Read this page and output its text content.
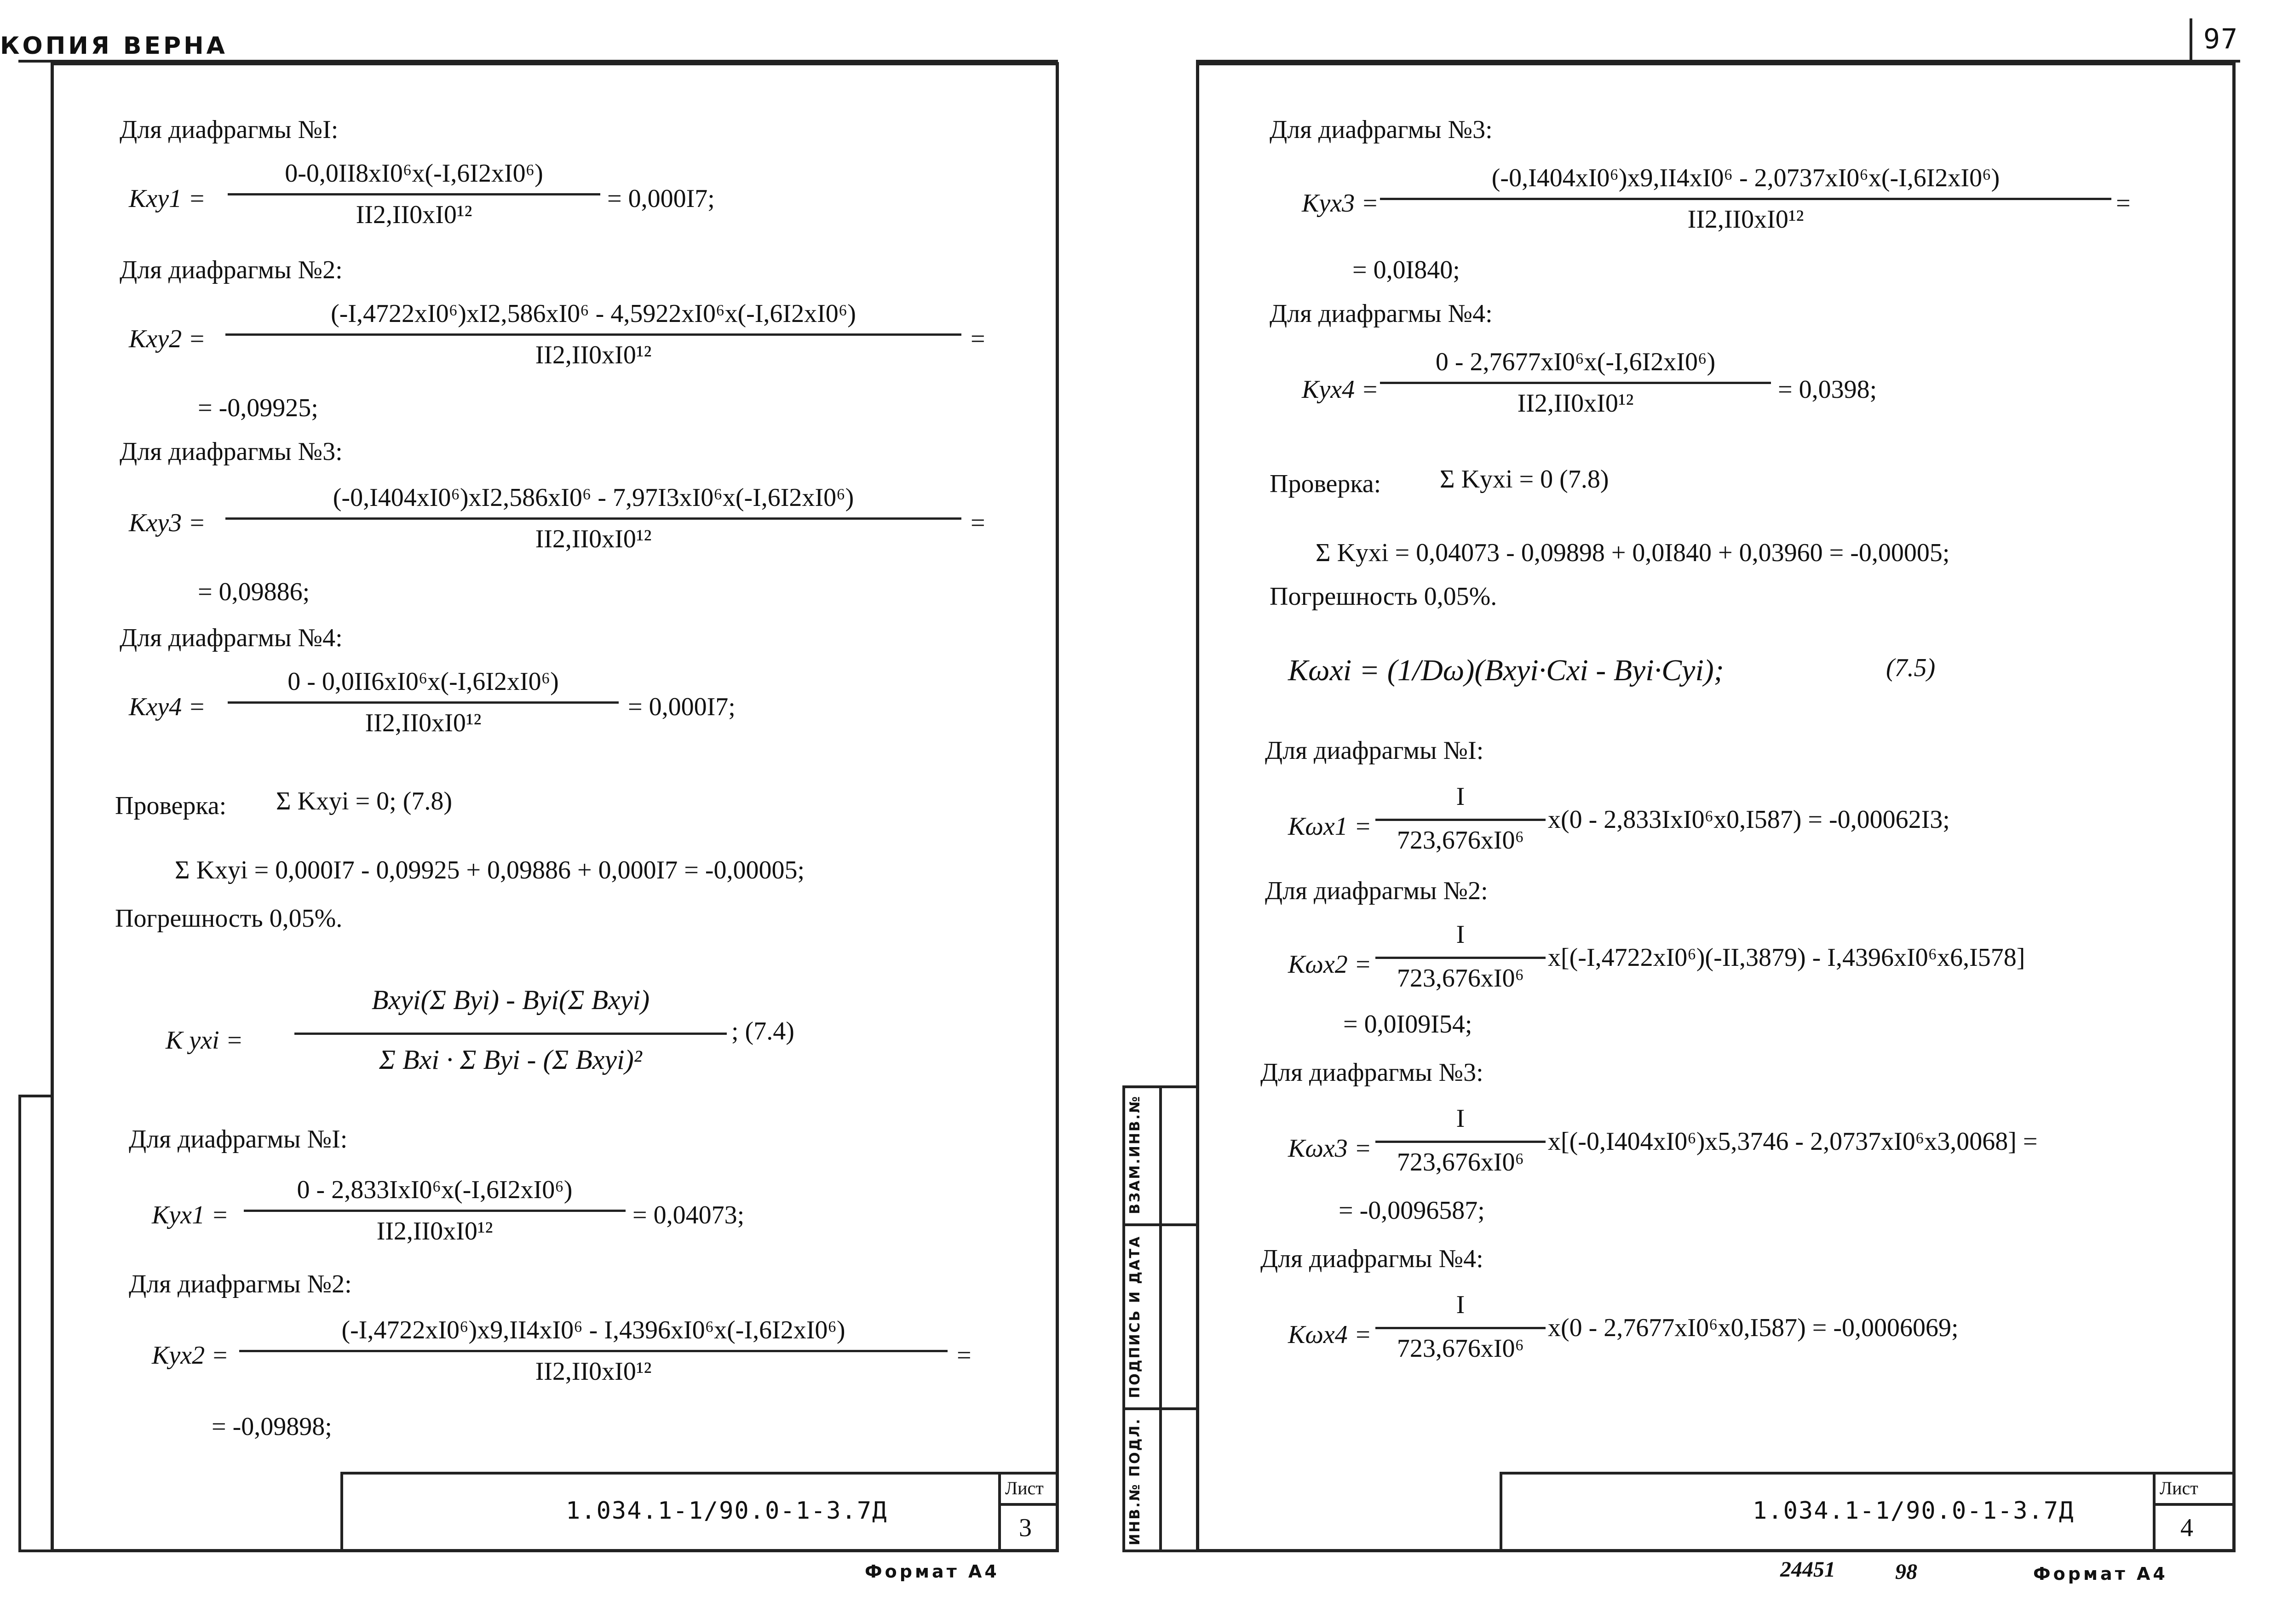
КОПИЯ ВЕРНА	97
Для диафрагмы №I:
Kxy1 =
0-0,0II8xI0⁶x(-I,6I2xI0⁶)
II2,II0xI0¹²
= 0,000I7;
Для диафрагмы №2:
Kxy2 =
(-I,4722xI0⁶)xI2,586xI0⁶ - 4,5922xI0⁶x(-I,6I2xI0⁶)
II2,II0xI0¹²
=
= -0,09925;
Для диафрагмы №3:
Kxy3 =
(-0,I404xI0⁶)xI2,586xI0⁶ - 7,97I3xI0⁶x(-I,6I2xI0⁶)
II2,II0xI0¹²
=
= 0,09886;
Для диафрагмы №4:
Kxy4 =
0 - 0,0II6xI0⁶x(-I,6I2xI0⁶)
II2,II0xI0¹²
= 0,000I7;
Проверка: Σ Kxyi = 0; (7.8)
Σ Kxyi = 0,000I7 - 0,09925 + 0,09886 + 0,000I7 = -0,00005;
Погрешность 0,05%.
K yxi =
Bxyi(Σ Byi) - Byi(Σ Bxyi)
Σ Bxi · Σ Byi - (Σ Bxyi)²
; (7.4)
Для диафрагмы №I:
Kyx1 =
0 - 2,833IxI0⁶x(-I,6I2xI0⁶)
II2,II0xI0¹²
= 0,04073;
Для диафрагмы №2:
Kyx2 =
(-I,4722xI0⁶)x9,II4xI0⁶ - I,4396xI0⁶x(-I,6I2xI0⁶)
II2,II0xI0¹²
=
= -0,09898;
1.034.1-1/90.0-1-3.7Д
Лист
3
Формат А4
ИНВ.№ ПОДЛ.
ПОДПИСЬ И ДАТА
ВЗАМ.ИНВ.№
Для диафрагмы №3:
Kyx3 =
(-0,I404xI0⁶)x9,II4xI0⁶ - 2,0737xI0⁶x(-I,6I2xI0⁶)
II2,II0xI0¹²
=
= 0,0I840;
Для диафрагмы №4:
Kyx4 =
0 - 2,7677xI0⁶x(-I,6I2xI0⁶)
II2,II0xI0¹²	= 0,0398;
Проверка: Σ Kyxi = 0 (7.8)
Σ Kyxi = 0,04073 - 0,09898 + 0,0I840 + 0,03960 = -0,00005;
Погрешность 0,05%.
Kωxi = (1/Dω)(Bxyi·Cxi - Byi·Cyi);	(7.5)
Для диафрагмы №I:
Kωx1 =
I
723,676xI0⁶
x(0 - 2,833IxI0⁶x0,I587) = -0,00062I3;
Для диафрагмы №2:
Kωx2 =
I
723,676xI0⁶
x[(-I,4722xI0⁶)(-II,3879) - I,4396xI0⁶x6,I578]
= 0,0I09I54;
Для диафрагмы №3:
Kωx3 =
I
723,676xI0⁶
x[(-0,I404xI0⁶)x5,3746 - 2,0737xI0⁶x3,0068] =
= -0,0096587;
Для диафрагмы №4:
Kωx4 =
I
723,676xI0⁶
x(0 - 2,7677xI0⁶x0,I587) = -0,0006069;
1.034.1-1/90.0-1-3.7Д
Лист
4
24451	98	Формат А4
